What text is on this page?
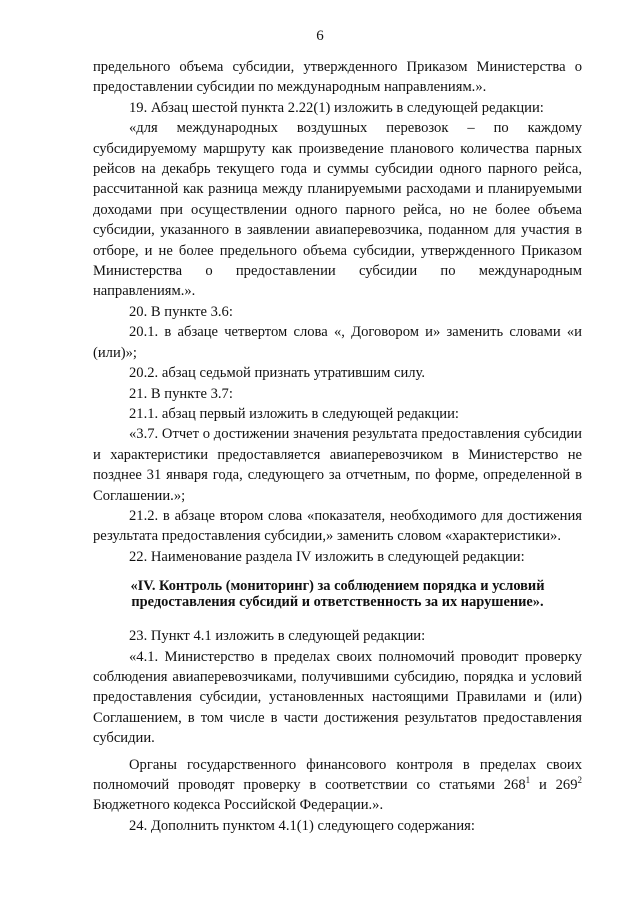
6

предельного объема субсидии, утвержденного Приказом Министерства о предоставлении субсидии по международным направлениям.».

19. Абзац шестой пункта 2.22(1) изложить в следующей редакции:

«для международных воздушных перевозок – по каждому субсидируемому маршруту как произведение планового количества парных рейсов на декабрь текущего года и суммы субсидии одного парного рейса, рассчитанной как разница между планируемыми расходами и планируемыми доходами при осуществлении одного парного рейса, но не более объема субсидии, указанного в заявлении авиаперевозчика, поданном для участия в отборе, и не более предельного объема субсидии, утвержденного Приказом Министерства о предоставлении субсидии по международным направлениям.».

20. В пункте 3.6:

20.1. в абзаце четвертом слова «, Договором и» заменить словами «и (или)»;

20.2. абзац седьмой признать утратившим силу.

21. В пункте 3.7:

21.1. абзац первый изложить в следующей редакции:

«3.7. Отчет о достижении значения результата предоставления субсидии и характеристики предоставляется авиаперевозчиком в Министерство не позднее 31 января года, следующего за отчетным, по форме, определенной в Соглашении.»;

21.2. в абзаце втором слова «показателя, необходимого для достижения результата предоставления субсидии,» заменить словом «характеристики».

22. Наименование раздела IV изложить в следующей редакции:

«IV. Контроль (мониторинг) за соблюдением порядка и условий предоставления субсидий и ответственность за их нарушение».

23. Пункт 4.1 изложить в следующей редакции:

«4.1. Министерство в пределах своих полномочий проводит проверку соблюдения авиаперевозчиками, получившими субсидию, порядка и условий предоставления субсидии, установленных настоящими Правилами и (или) Соглашением, в том числе в части достижения результатов предоставления субсидии.

Органы государственного финансового контроля в пределах своих полномочий проводят проверку в соответствии со статьями $268^1$ и $269^2$ Бюджетного кодекса Российской Федерации.».

24. Дополнить пунктом 4.1(1) следующего содержания:
